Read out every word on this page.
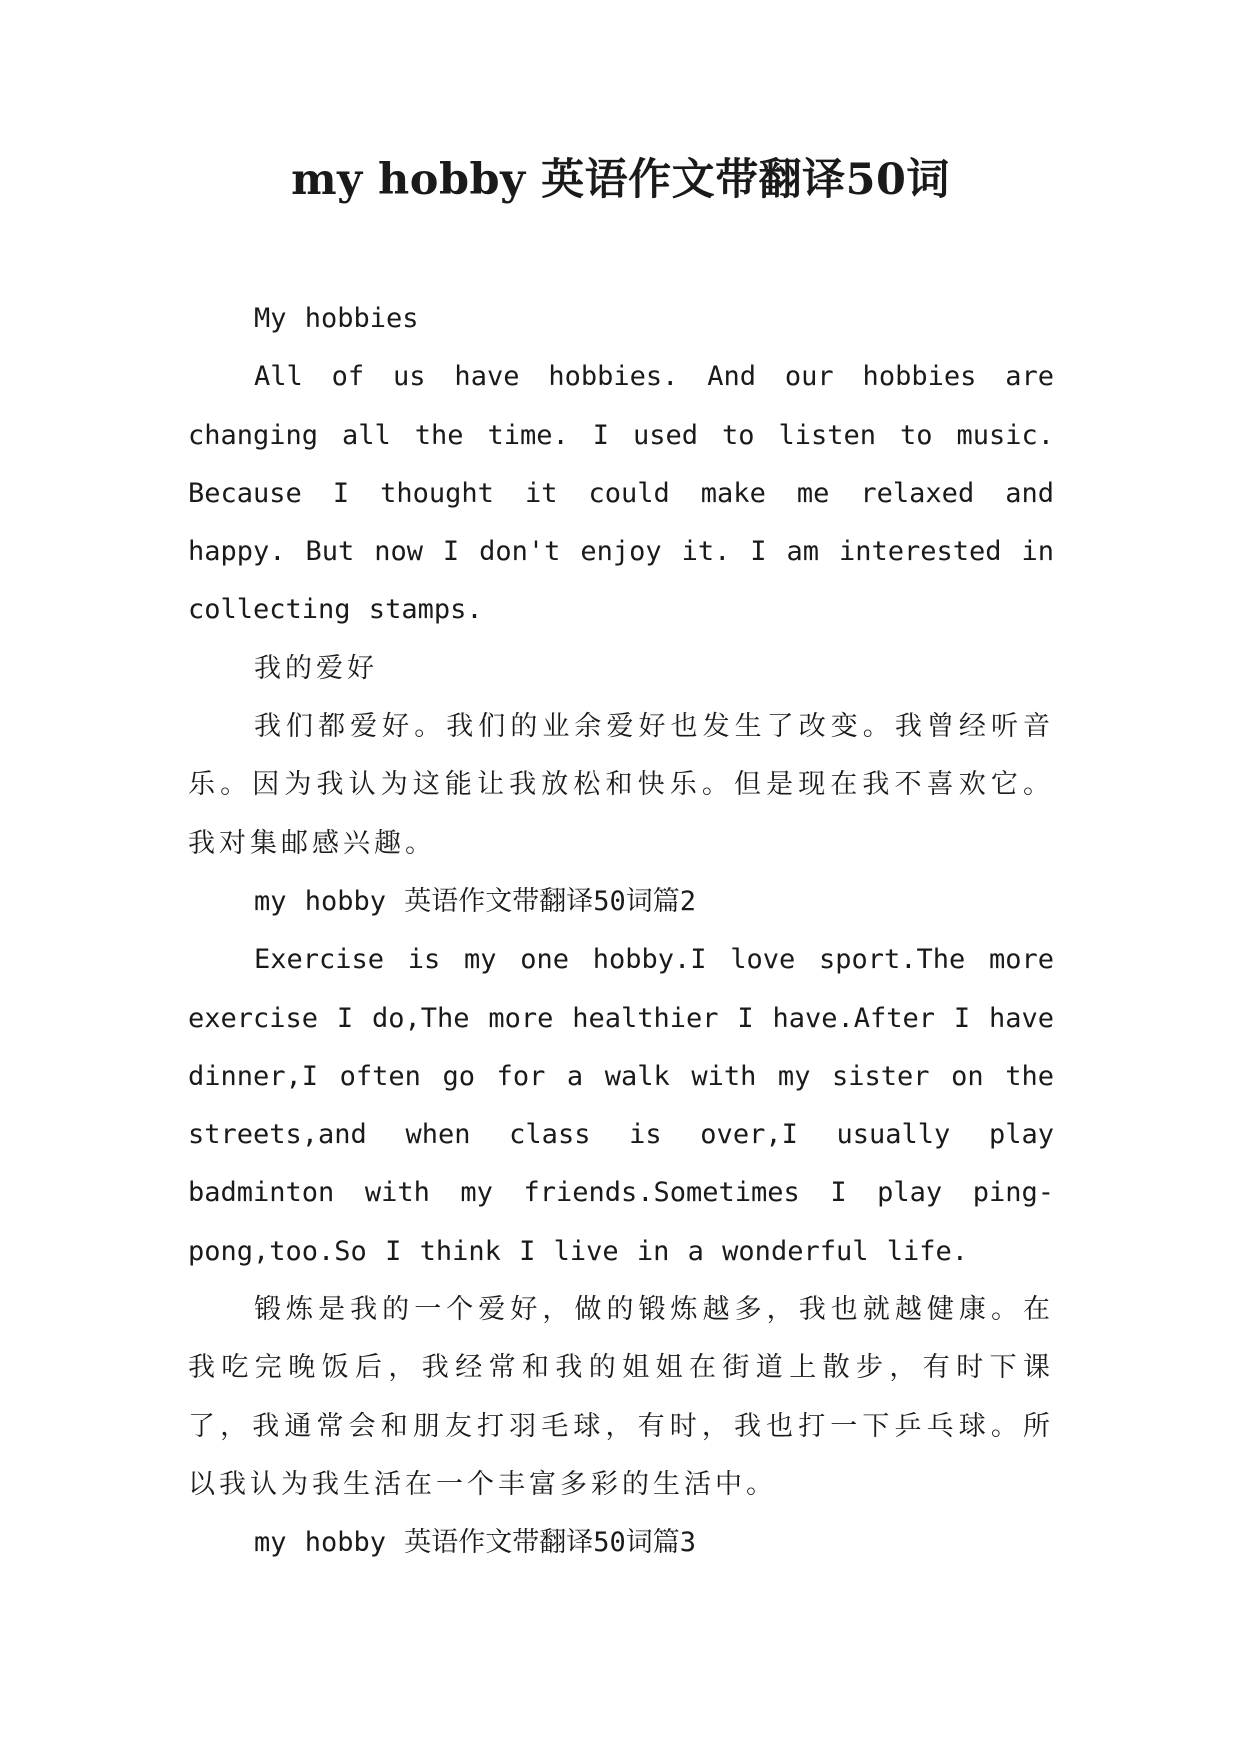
my hobby 英语作文带翻译50词

My hobbies

All of us have hobbies. And our hobbies are changing all the time. I used to listen to music. Because I thought it could make me relaxed and happy. But now I don't enjoy it. I am interested in collecting stamps.

我的爱好

我们都爱好。我们的业余爱好也发生了改变。我曾经听音乐。因为我认为这能让我放松和快乐。但是现在我不喜欢它。我对集邮感兴趣。

my hobby 英语作文带翻译50词篇2

Exercise is my one hobby.I love sport.The more exercise I do,The more healthier I have.After I have dinner,I often go for a walk with my sister on the streets,and when class is over,I usually play badminton with my friends.Sometimes I play ping-pong,too.So I think I live in a wonderful life.

锻炼是我的一个爱好，做的锻炼越多，我也就越健康。在我吃完晚饭后，我经常和我的姐姐在街道上散步，有时下课了，我通常会和朋友打羽毛球，有时，我也打一下乒乓球。所以我认为我生活在一个丰富多彩的生活中。

my hobby 英语作文带翻译50词篇3
